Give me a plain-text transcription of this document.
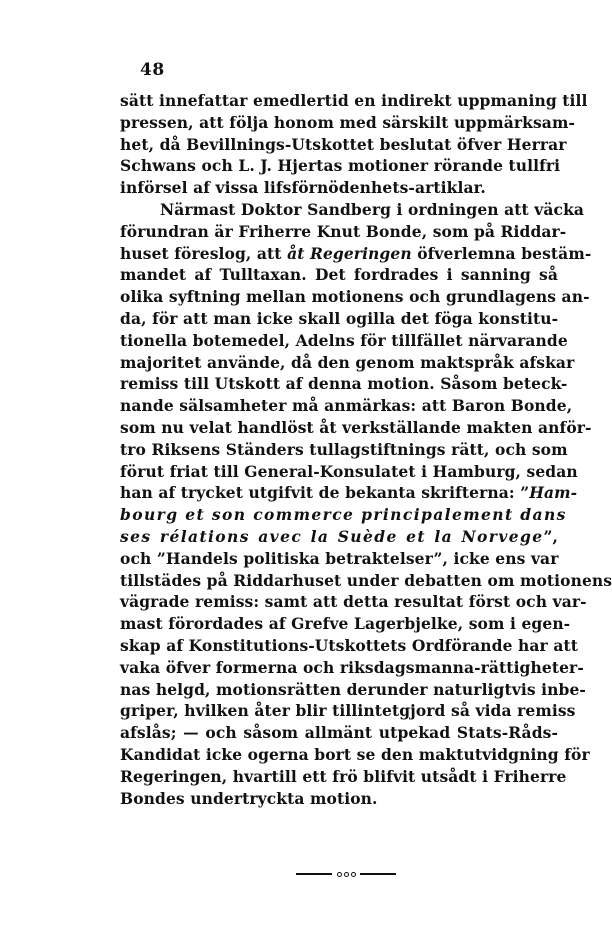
48
sätt innefattar emedlertid en indirekt uppmaning till
pressen, att följa honom med särskilt uppmärksam-
het, då Bevillnings-Utskottet beslutat öfver Herrar
Schwans och L. J. Hjertas motioner rörande tullfri
införsel af vissa lifsförnödenhets-artiklar.
Närmast Doktor Sandberg i ordningen att väcka
förundran är Friherre Knut Bonde, som på Riddar-
huset föreslog, att åt Regeringen öfverlemna bestäm-
mandet af Tulltaxan. Det fordrades i sanning så
olika syftning mellan motionens och grundlagens an-
da, för att man icke skall ogilla det föga konstitu-
tionella botemedel, Adelns för tillfället närvarande
majoritet använde, då den genom maktspråk afskar
remiss till Utskott af denna motion. Såsom beteck-
nande sälsamheter må anmärkas: att Baron Bonde,
som nu velat handlöst åt verkställande makten anför-
tro Riksens Ständers tullagstiftnings rätt, och som
förut friat till General-Konsulatet i Hamburg, sedan
han af trycket utgifvit de bekanta skrifterna: ”Ham-
bourg et son commerce principalement dans
ses rélations avec la Suède et la Norvege”,
och ”Handels politiska betraktelser”, icke ens var
tillstädes på Riddarhuset under debatten om motionens
vägrade remiss: samt att detta resultat först och var-
mast förordades af Grefve Lagerbjelke, som i egen-
skap af Konstitutions-Utskottets Ordförande har att
vaka öfver formerna och riksdagsmanna-rättigheter-
nas helgd, motionsrätten derunder naturligtvis inbe-
griper, hvilken åter blir tillintetgjord så vida remiss
afslås; — och såsom allmänt utpekad Stats-Råds-
Kandidat icke ogerna bort se den maktutvidgning för
Regeringen, hvartill ett frö blifvit utsådt i Friherre
Bondes undertryckta motion.
